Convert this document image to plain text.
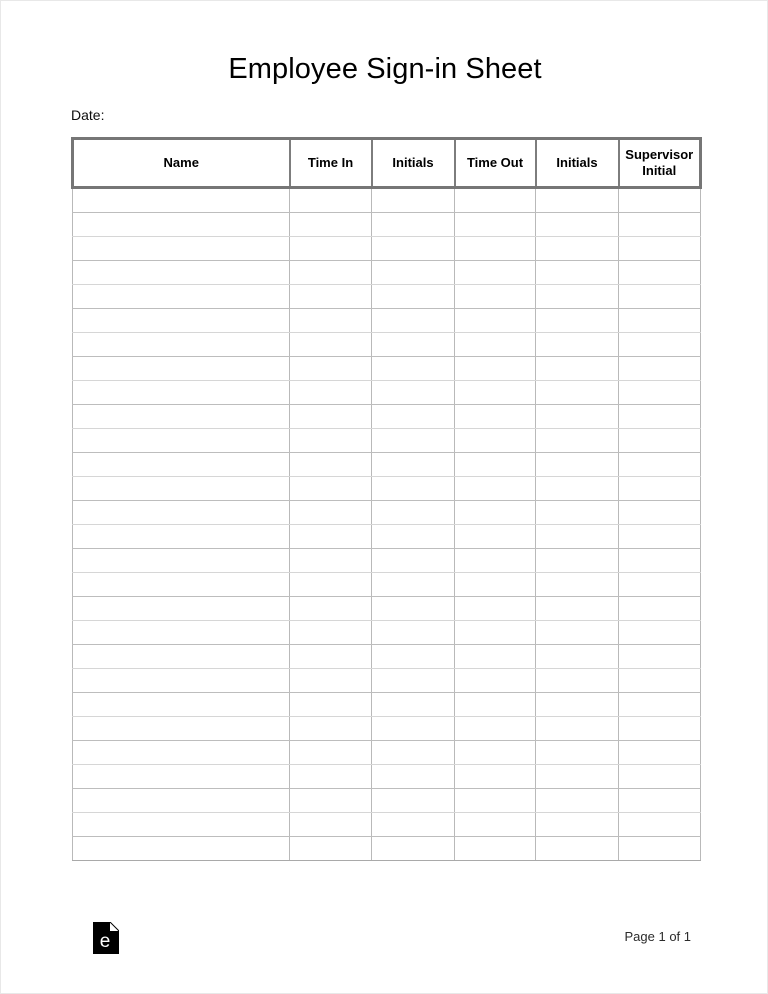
Employee Sign-in Sheet
Date:
Name	Time In	Initials	Time Out	Initials	Supervisor Initial

e	Page 1 of 1
